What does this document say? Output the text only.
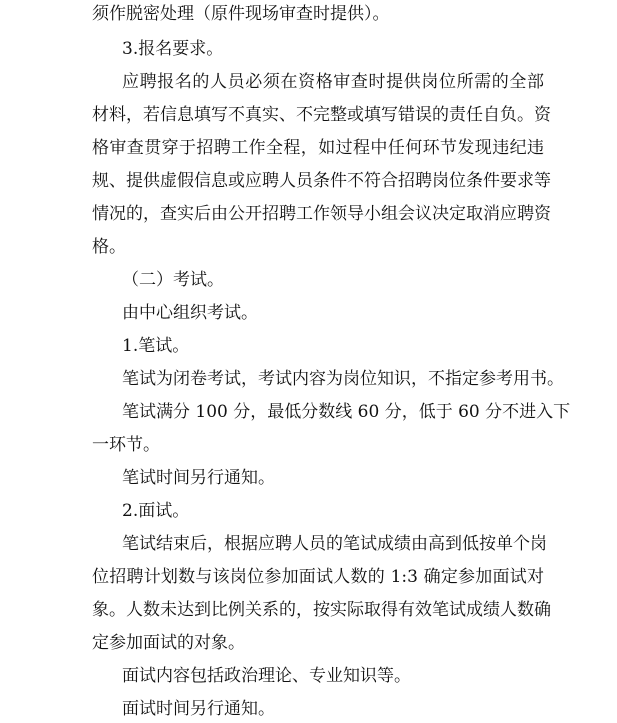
须作脱密处理（原件现场审查时提供）。
3.报名要求。
应聘报名的人员必须在资格审查时提供岗位所需的全部
材料，若信息填写不真实、不完整或填写错误的责任自负。资
格审查贯穿于招聘工作全程，如过程中任何环节发现违纪违
规、提供虚假信息或应聘人员条件不符合招聘岗位条件要求等
情况的，查实后由公开招聘工作领导小组会议决定取消应聘资
格。
（二）考试。
由中心组织考试。
1.笔试。
笔试为闭卷考试，考试内容为岗位知识，不指定参考用书。
笔试满分 100 分，最低分数线 60 分，低于 60 分不进入下
一环节。
笔试时间另行通知。
2.面试。
笔试结束后，根据应聘人员的笔试成绩由高到低按单个岗
位招聘计划数与该岗位参加面试人数的 1:3 确定参加面试对
象。人数未达到比例关系的，按实际取得有效笔试成绩人数确
定参加面试的对象。
面试内容包括政治理论、专业知识等。
面试时间另行通知。
